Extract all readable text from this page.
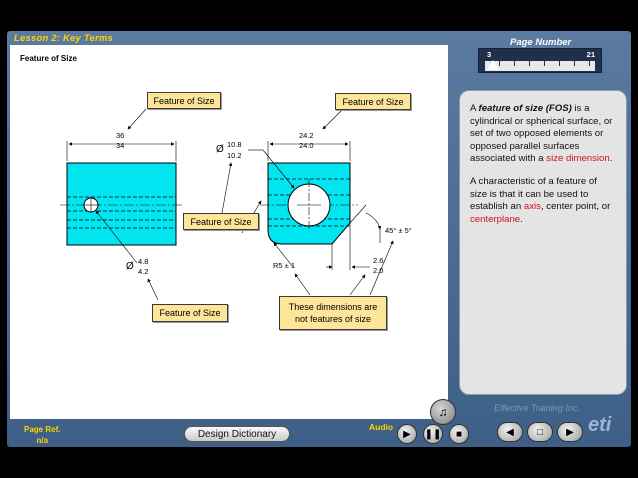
Lesson 2: Key Terms
Feature of Size
Feature of Size	Feature of Size
Feature of Size
Feature of Size
These dimensions are
not features of size
36
34
Ø 4.8
4.2
Ø 10.8
10.2
24.2
24.0
R5 ± 1
2.6
2.0
45° ± 5°
Page Number
3	21

A feature of size (FOS) is a cylindrical or spherical surface, or set of two opposed elements or opposed parallel surfaces associated with a size dimension.

A characteristic of a feature of size is that it can be used to establish an axis, center point, or centerplane.

Effective Training Inc.
♫
Page Ref.
n/a
Design Dictionary
Audio
▶	❚❚	■	◀	□	▶ eti
